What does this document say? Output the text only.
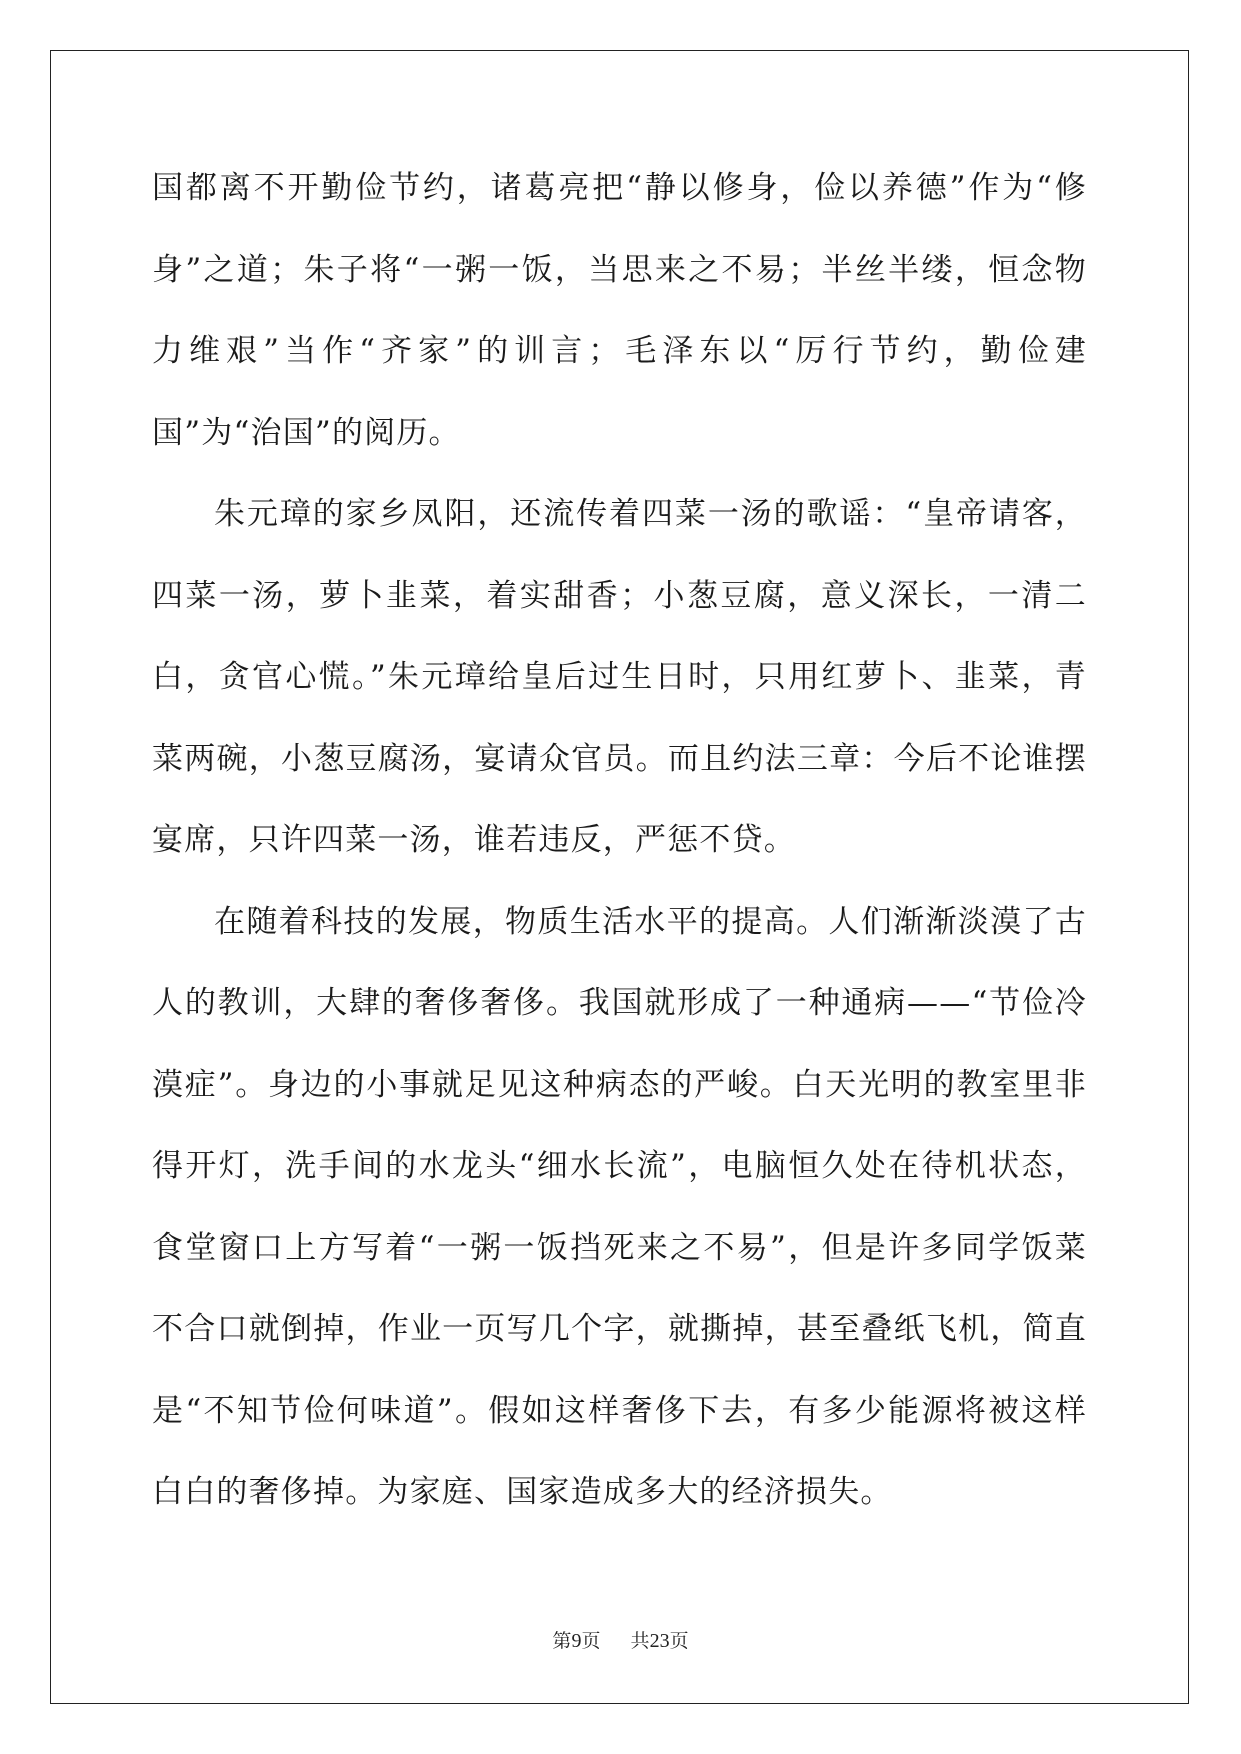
国都离不开勤俭节约，诸葛亮把“静以修身，俭以养德”作为“修身”之道；朱子将“一粥一饭，当思来之不易；半丝半缕，恒念物力维艰”当作“齐家”的训言；毛泽东以“厉行节约，勤俭建国”为“治国”的阅历。

朱元璋的家乡凤阳，还流传着四菜一汤的歌谣：“皇帝请客，四菜一汤，萝卜韭菜，着实甜香；小葱豆腐，意义深长，一清二白，贪官心慌。”朱元璋给皇后过生日时，只用红萝卜、韭菜，青菜两碗，小葱豆腐汤，宴请众官员。而且约法三章：今后不论谁摆宴席，只许四菜一汤，谁若违反，严惩不贷。

在随着科技的发展，物质生活水平的提高。人们渐渐淡漠了古人的教训，大肆的奢侈奢侈。我国就形成了一种通病——“节俭冷漠症”。身边的小事就足见这种病态的严峻。白天光明的教室里非得开灯，洗手间的水龙头“细水长流”，电脑恒久处在待机状态，食堂窗口上方写着“一粥一饭挡死来之不易”，但是许多同学饭菜不合口就倒掉，作业一页写几个字，就撕掉，甚至叠纸飞机，简直是“不知节俭何味道”。假如这样奢侈下去，有多少能源将被这样白白的奢侈掉。为家庭、国家造成多大的经济损失。

第9页 共23页
